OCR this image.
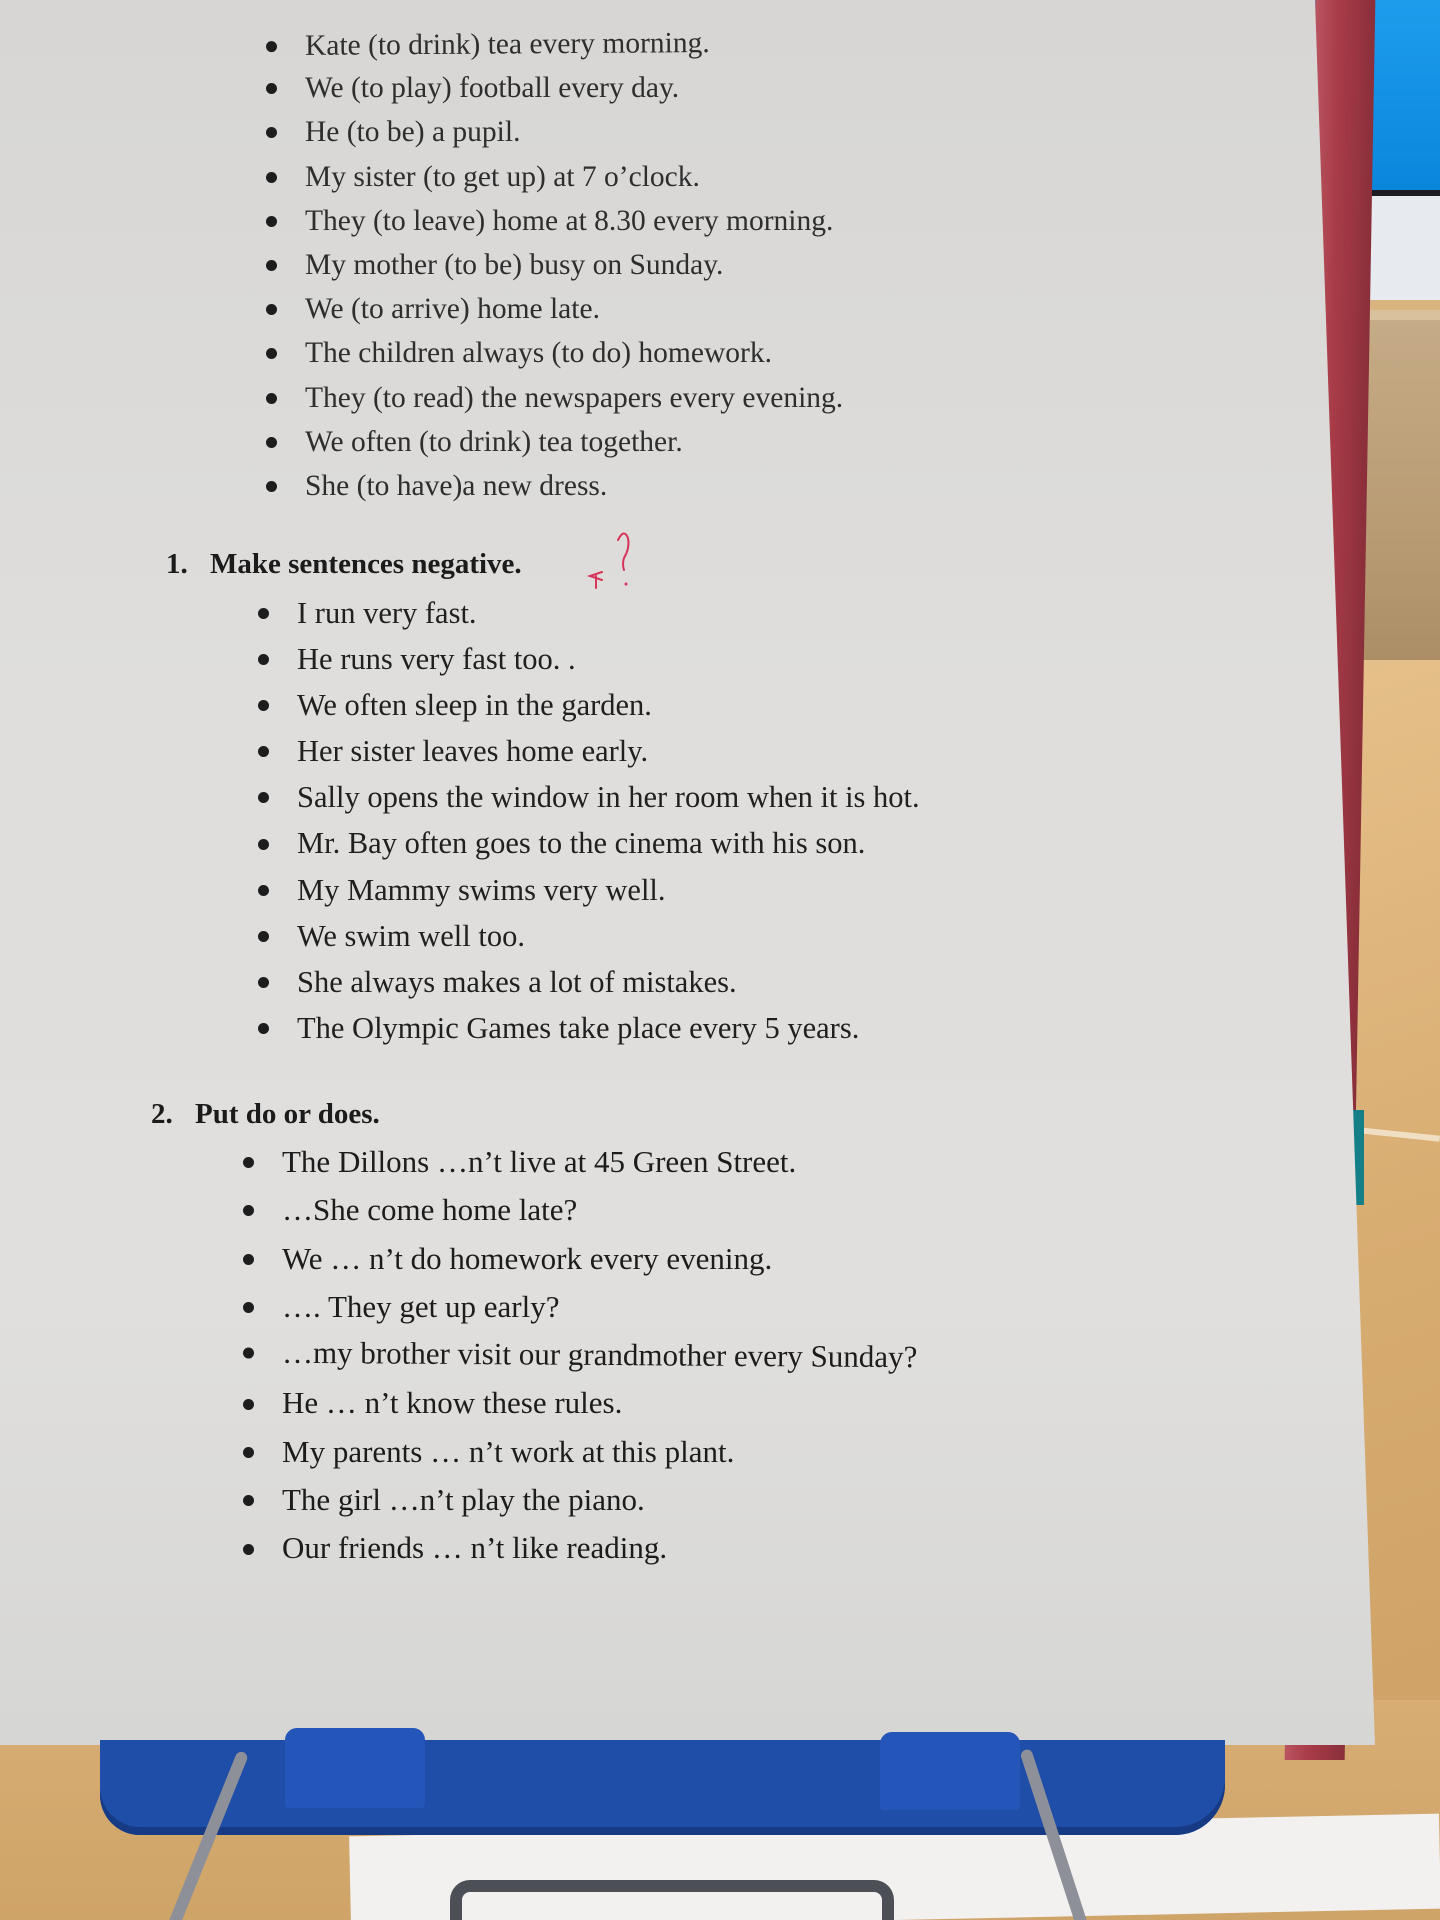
Kate (to drink) tea every morning.
We (to play) football every day.
He (to be) a pupil.
My sister (to get up) at 7 o’clock.
They (to leave) home at 8.30 every morning.
My mother (to be) busy on Sunday.
We (to arrive) home late.
The children always (to do) homework.
They (to read) the newspapers every evening.
We often (to drink) tea together.
She (to have)a new dress.
1. Make sentences negative.
I run very fast.
He runs very fast too. .
We often sleep in the garden.
Her sister leaves home early.
Sally opens the window in her room when it is hot.
Mr. Bay often goes to the cinema with his son.
My Mammy swims very well.
We swim well too.
She always makes a lot of mistakes.
The Olympic Games take place every 5 years.
2. Put do or does.
The Dillons …n’t live at 45 Green Street.
…She come home late?
We … n’t do homework every evening.
…. They get up early?
…my brother visit our grandmother every Sunday?
He … n’t know these rules.
My parents … n’t work at this plant.
The girl …n’t play the piano.
Our friends … n’t like reading.
